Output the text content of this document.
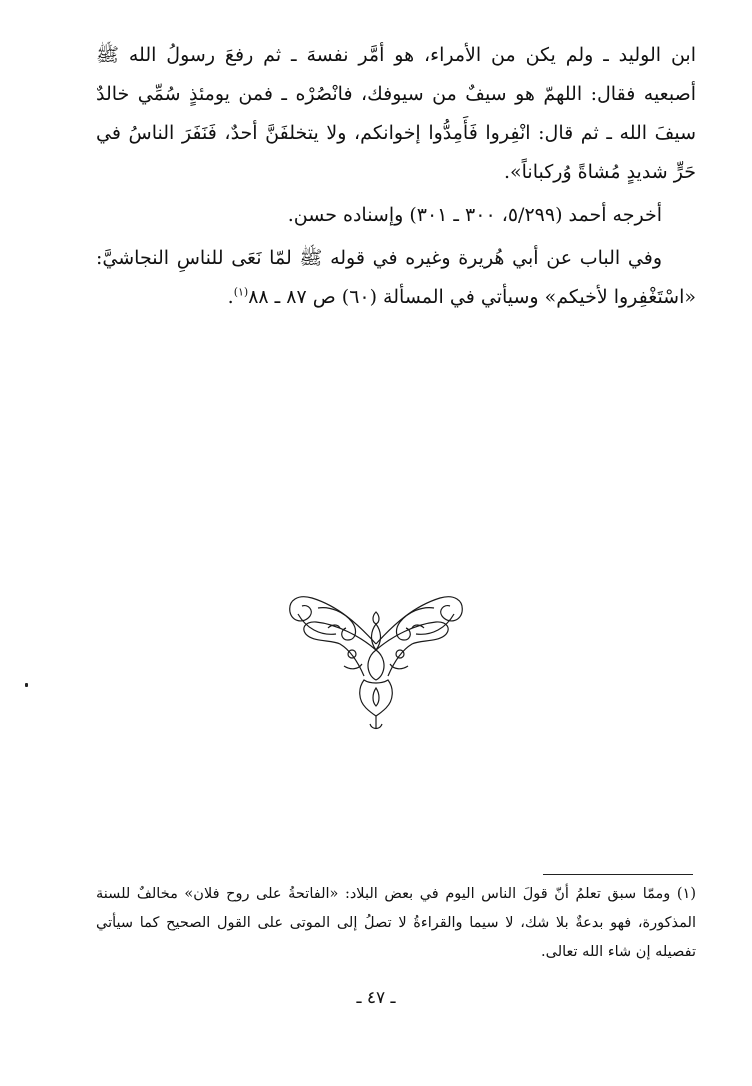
ابن الوليد ـ ولم يكن من الأمراء، هو أمَّر نفسهَ ـ ثم رفعَ رسولُ الله ﷺ أصبعيه فقال: اللهمّ هو سيفٌ من سيوفك، فانْصُرْه ـ فمن يومئذٍ سُمِّي خالدٌ سيفَ الله ـ ثم قال: انْفِروا فَأَمِدُّوا إخوانكم، ولا يتخلفَنَّ أحدٌ، فَنَفَرَ الناسُ في حَرٍّ شديدٍ مُشاةً وُركباناً».

أخرجه أحمد (٥/٢٩٩، ٣٠٠ ـ ٣٠١) وإسناده حسن.

وفي الباب عن أبي هُريرة وغيره في قوله ﷺ لمّا نَعَى للناسِ النجاشيَّ: «اسْتَغْفِروا لأخيكم» وسيأتي في المسألة (٦٠) ص ٨٧ ـ ٨٨$^{(١)}$.

(١) وممّا سبق تعلمُ أنّ قولَ الناس اليوم في بعض البلاد: «الفاتحةُ على روح فلان» مخالفٌ للسنة المذكورة، فهو بدعةٌ بلا شك، لا سيما والقراءةُ لا تصلُ إلى الموتى على القول الصحيح كما سيأتي تفصيله إن شاء الله تعالى.

ـ ٤٧ ـ
